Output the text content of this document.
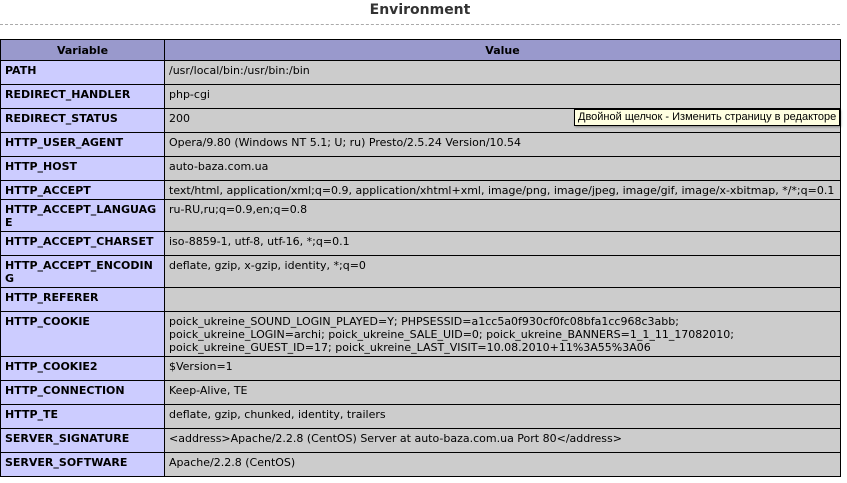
Environment
Variable	Value
PATH	/usr/local/bin:/usr/bin:/bin
REDIRECT_HANDLER	php-cgi
REDIRECT_STATUS	200
HTTP_USER_AGENT	Opera/9.80 (Windows NT 5.1; U; ru) Presto/2.5.24 Version/10.54
HTTP_HOST	auto-baza.com.ua
HTTP_ACCEPT	text/html, application/xml;q=0.9, application/xhtml+xml, image/png, image/jpeg, image/gif, image/x-xbitmap, */*;q=0.1
HTTP_ACCEPT_LANGUAGE	ru-RU,ru;q=0.9,en;q=0.8
HTTP_ACCEPT_CHARSET	iso-8859-1, utf-8, utf-16, *;q=0.1
HTTP_ACCEPT_ENCODING	deflate, gzip, x-gzip, identity, *;q=0
HTTP_REFERER	
HTTP_COOKIE	poick_ukreine_SOUND_LOGIN_PLAYED=Y; PHPSESSID=a1cc5a0f930cf0fc08bfa1cc968c3abb; poick_ukreine_LOGIN=archi; poick_ukreine_SALE_UID=0; poick_ukreine_BANNERS=1_1_11_17082010; poick_ukreine_GUEST_ID=17; poick_ukreine_LAST_VISIT=10.08.2010+11%3A55%3A06
HTTP_COOKIE2	$Version=1
HTTP_CONNECTION	Keep-Alive, TE
HTTP_TE	deflate, gzip, chunked, identity, trailers
SERVER_SIGNATURE	<address>Apache/2.2.8 (CentOS) Server at auto-baza.com.ua Port 80</address>
SERVER_SOFTWARE	Apache/2.2.8 (CentOS)
Двойной щелчок - Изменить страницу в редакторе
